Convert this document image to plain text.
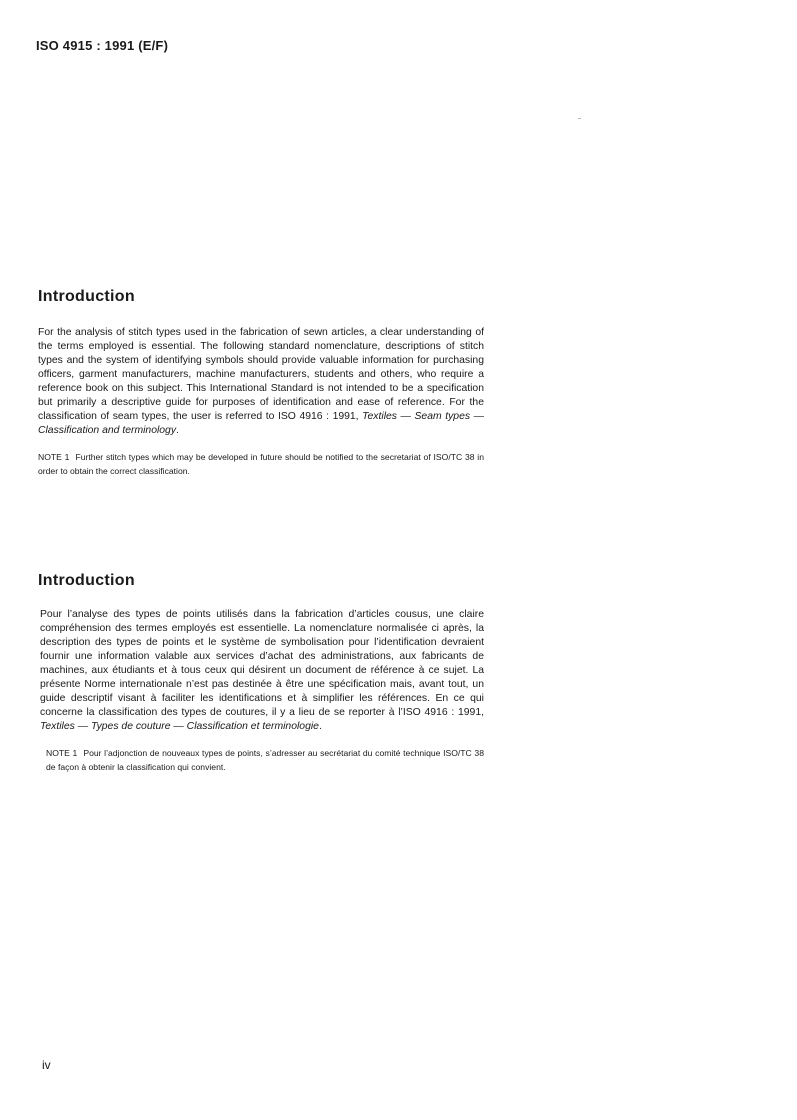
ISO 4915 : 1991 (E/F)
Introduction

For the analysis of stitch types used in the fabrication of sewn articles, a clear understanding of the terms employed is essential. The following standard nomenclature, descriptions of stitch types and the system of identifying symbols should provide valuable information for purchasing officers, garment manufacturers, machine manufacturers, students and others, who require a reference book on this subject. This International Standard is not intended to be a specification but primarily a descriptive guide for purposes of identification and ease of reference. For the classification of seam types, the user is referred to ISO 4916 : 1991, Textiles — Seam types — Classification and terminology.

NOTE 1 Further stitch types which may be developed in future should be notified to the secretariat of ISO/TC 38 in order to obtain the correct classification.

Introduction

Pour l’analyse des types de points utilisés dans la fabrication d’articles cousus, une claire compréhension des termes employés est essentielle. La nomenclature normalisée ci après, la description des types de points et le système de symbolisation pour l’identification devraient fournir une information valable aux services d’achat des administrations, aux fabricants de machines, aux étudiants et à tous ceux qui désirent un document de référence à ce sujet. La présente Norme internationale n’est pas destinée à être une spécification mais, avant tout, un guide descriptif visant à faciliter les identifications et à simplifier les références. En ce qui concerne la classification des types de coutures, il y a lieu de se reporter à l’ISO 4916 : 1991, Textiles — Types de couture — Classification et terminologie.

NOTE 1 Pour l’adjonction de nouveaux types de points, s’adresser au secrétariat du comité technique ISO/TC 38 de façon à obtenir la classification qui convient.

iv
